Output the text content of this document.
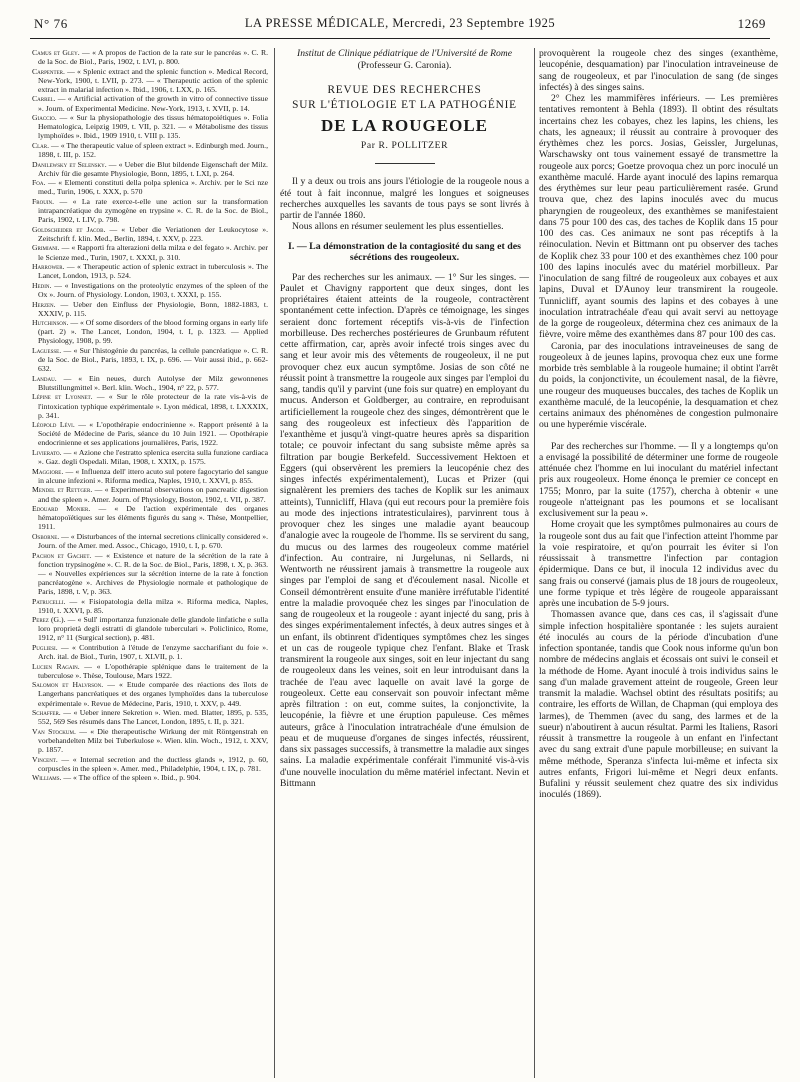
N° 76	LA PRESSE MÉDICALE, Mercredi, 23 Septembre 1925	1269

Camus et Gley. — « A propos de l'action de la rate sur le pancréas ». C. R. de la Soc. de Biol., Paris, 1902, t. LVI, p. 800.

Carpenter. — « Splenic extract and the splenic function ». Medical Record, New-York, 1900, t. LVII, p. 273. — « Therapeutic action of the splenic extract in malarial infection ». Ibid., 1906, t. LXX, p. 165.

Carrel. — « Artificial activation of the growth in vitro of connective tissue ». Journ. of Experimental Medicine. New-York, 1913, t. XVII, p. 14.

Giaccio. — « Sur la physiopathologie des tissus hématopoiétiques ». Folia Hematologica, Leipzig 1909, t. VII, p. 321. — « Métabolisme des tissus lymphoïdes ». Ibid., 1909 1910, t. VIII p. 135.

Clar. — « The therapeutic value of spleen extract ». Edinburgh med. Journ., 1898, t. III, p. 152.

Danilewsky et Selensky. — « Ueber die Blut bildende Eigenschaft der Milz. Archiv für die gesamte Physiologie, Bonn, 1895, t. LXI, p. 264.

Foa. — « Elementi constituti della polpa splenica ». Archiv. per le Sci nze med., Turin, 1906, t. XXX, p. 570

Frouin. — « La rate exerce-t-elle une action sur la transformation intrapancréatique du zymogène en trypsine ». C. R. de la Soc. de Biol., Paris, 1902, t. LIV, p. 798.

Goldscheider et Jacob. — « Ueber die Veriationen der Leukocytose ». Zeitschrift f. klin. Med., Berlin, 1894, t. XXV, p. 223.

Grimiani. — « Rapporti fra alterazioni della milza e del fegato ». Archiv. per le Scienze med., Turin, 1907, t. XXXI, p. 310.

Harrower. — « Therapeutic action of splenic extract in tuberculosis ». The Lancet, London, 1913, p. 524.

Hedin. — « Investigations on the proteolytic enzymes of the spleen of the Ox ». Journ. of Physiology. London, 1903, t. XXXI, p. 155.

Herzen. — Ueber den Einfluss der Physiologie, Bonn, 1882-1883, t. XXXIV, p. 115.

Hutchinson. — « Of some disorders of the blood forming organs in early life (part. 2) ». The Lancet, London, 1904, t. I, p. 1323. — Applied Physiology, 1908, p. 99.

Laguesse. — « Sur l'histogénie du pancréas, la cellule pancréatique ». C. R. de la Soc. de Biol., Paris, 1893, t. IX, p. 696. — Voir aussi ibid., p. 662-632.

Landau. — « Ein neues, durch Autolyse der Milz gewonnenes Blutstillungmittel ». Berl. klin. Woch., 1904, n° 22, p. 577.

Lépine et Lyonnet. — « Sur le rôle protecteur de la rate vis-à-vis de l'intoxication typhique expérimentale ». Lyon médical, 1898, t. LXXXIX, p. 341.

Léopold Lévi. — « L'opothérapie endocrinienne ». Rapport présenté à la Société de Médecine de Paris, séance du 10 Juin 1921. — Opothérapie endocrinienne et ses applications journalières, Paris, 1922.

Livierato. — « Azione che l'estratto splenica esercita sulla funzione cardiaca ». Gaz. degli Ospedali. Milan, 1908, t. XXIX, p. 1575.

Maggiore. — « Influenza dell' ittero acuto sul potere fagocytario del sangue in alcune infezioni ». Riforma medica, Naples, 1910, t. XXVI, p. 855.

Mendel et Rettger. — « Experimental observations on pancreatic digestion and the spleen ». Amer. Journ. of Physiology, Boston, 1902, t. VII, p. 387.

Edouard Monier. — « De l'action expérimentale des organes hématopoïétiques sur les éléments figurés du sang ». Thèse, Montpellier, 1911.

Osborne. — « Disturbances of the internal secretions clinically considered ». Journ. of the Amer. med. Assoc., Chicago, 1910, t. I, p. 670.

Pachon et Gachet. — « Existence et nature de la sécrétion de la rate à fonction trypsinogène ». C. R. de la Soc. de Biol., Paris, 1898, t. X, p. 363. — « Nouvelles expériences sur la sécrétion interne de la rate à fonction pancréatogène ». Archives de Physiologie normale et pathologique de Paris, 1898, t. V, p. 363.

Patrucelli. — « Fisiopatologia della milza ». Riforma medica, Naples, 1910, t. XXVI, p. 85.

Perez (G.). — « Sull' importanza funzionale delle glandole linfatiche e sulla loro proprietà degli estratti di glandole tuberculari ». Policlinico, Rome, 1912, n° 11 (Surgical section), p. 481.

Pugliesi. — « Contribution à l'étude de l'enzyme saccharifiant du foie ». Arch. ital. de Biol., Turin, 1907, t. XLVII, p. 1.

Lucien Ragain. — « L'opothérapie splénique dans le traitement de la tuberculose ». Thèse, Toulouse, Mars 1922.

Salomon et Halvrson. — « Etude comparée des réactions des îlots de Langerhans pancréatiques et des organes lymphoïdes dans la tuberculose expérimentale ». Revue de Médecine, Paris, 1910, t. XXV, p. 449.

Schaffer. — « Ueber innere Sekretion ». Wien. med. Blatter, 1895, p. 535, 552, 569 Ses résumés dans The Lancet, London, 1895, t. II, p. 321.

Van Stockum. — « Die therapeutische Wirkung der mit Röntgenstrah en vorbehandelten Milz bei Tuberkulose ». Wien. klin. Woch., 1912, t. XXV, p. 1857.

Vincent. — « Internal secretion and the ductless glands », 1912, p. 60, corpuscles in the spleen ». Amer. med., Philadelphie, 1904, t. IX, p. 781.

Williams. — « The office of the spleen ». Ibid., p. 904.

Institut de Clinique pédiatrique de l'Université de Rome
(Professeur G. Caronia).
REVUE DES RECHERCHES
SUR L'ÉTIOLOGIE ET LA PATHOGÉNIE
DE LA ROUGEOLE
Par R. POLLITZER

Il y a deux ou trois ans jours l'étiologie de la rougeole nous a été tout à fait inconnue, malgré les longues et soigneuses recherches auxquelles les savants de tous pays se sont livrés à partir de l'année 1860.

Nous allons en résumer seulement les plus essentielles.

I. — La démonstration de la contagiosité du sang et des sécrétions des rougeoleux.

Par des recherches sur les animaux. — 1° Sur les singes. — Paulet et Chavigny rapportent que deux singes, dont les propriétaires étaient atteints de la rougeole, contractèrent spontanément cette infection. D'après ce témoignage, les singes seraient donc fortement réceptifs vis-à-vis de l'infection morbilleuse. Des recherches postérieures de Grunbaum réfutent cette affirmation, car, après avoir infecté trois singes avec du sang et leur avoir mis des vêtements de rougeoleux, il ne put provoquer chez eux aucun symptôme. Josias de son côté ne réussit point à transmettre la rougeole aux singes par l'emploi du sang, tandis qu'il y parvint (une fois sur quatre) en employant du mucus. Anderson et Goldberger, au contraire, en reproduisant artificiellement la rougeole chez des singes, démontrèrent que le sang des rougeoleux est infectieux dès l'apparition de l'exanthème et jusqu'à vingt-quatre heures après sa disparition totale; ce pouvoir infectant du sang subsiste même après sa filtration par bougie Berkefeld. Successivement Hektoen et Eggers (qui observèrent les premiers la leucopénie chez des singes infectés expérimentalement), Lucas et Prizer (qui signalèrent les premiers des taches de Koplik sur les animaux atteints), Tunnicliff, Hlava (qui eut recours pour la première fois au mode des injections intratesticulaires), parvinrent tous à provoquer chez les singes une maladie ayant beaucoup d'analogie avec la rougeole de l'homme. Ils se servirent du sang, du mucus ou des larmes des rougeoleux comme matériel d'infection. Au contraire, ni Jurgelunas, ni Sellards, ni Wentworth ne réussirent jamais à transmettre la rougeole aux singes par l'emploi de sang et d'écoulement nasal. Nicolle et Conseil démontrèrent ensuite d'une manière irréfutable l'identité entre la maladie provoquée chez les singes par l'inoculation de sang de rougeoleux et la rougeole : ayant injecté du sang, pris à des singes expérimentalement infectés, à deux autres singes et à un enfant, ils obtinrent d'identiques symptômes chez les singes et un cas de rougeole typique chez l'enfant. Blake et Trask transmirent la rougeole aux singes, soit en leur injectant du sang de rougeoleux dans les veines, soit en leur introduisant dans la trachée de l'eau avec laquelle on avait lavé la gorge de rougeoleux. Cette eau conservait son pouvoir infectant même après filtration : on eut, comme suites, la conjonctivite, la leucopénie, la fièvre et une éruption papuleuse. Ces mêmes auteurs, grâce à l'inoculation intratrachéale d'une émulsion de peau et de muqueuse d'organes de singes infectés, réussirent, dans six passages successifs, à transmettre la maladie aux singes sains. La maladie expérimentale conférait l'immunité vis-à-vis d'une nouvelle inoculation du même matériel infectant. Nevin et Bittmann

provoquèrent la rougeole chez des singes (exanthème, leucopénie, desquamation) par l'inoculation intraveineuse de sang de rougeoleux, et par l'inoculation de sang (de singes infectés) à des singes sains.

2° Chez les mammifères inférieurs. — Les premières tentatives remontent à Behla (1893). Il obtint des résultats incertains chez les cobayes, chez les lapins, les chiens, les chats, les agneaux; il réussit au contraire à provoquer des érythèmes chez les porcs. Josias, Geissler, Jurgelunas, Warschawsky ont tous vainement essayé de transmettre la rougeole aux porcs; Goetze provoqua chez un porc inoculé un exanthème maculé. Harde ayant inoculé des lapins remarqua des érythèmes sur leur peau particulièrement rasée. Grund trouva que, chez des lapins inoculés avec du mucus pharyngien de rougeoleux, des exanthèmes se manifestaient dans 75 pour 100 des cas, des taches de Koplik dans 15 pour 100 des cas. Ces animaux ne sont pas réceptifs à la réinoculation. Nevin et Bittmann ont pu observer des taches de Koplik chez 33 pour 100 et des exanthèmes chez 100 pour 100 des lapins inoculés avec du matériel morbilleux. Par l'inoculation de sang filtré de rougeoleux aux cobayes et aux lapins, Duval et D'Aunoy leur transmirent la rougeole. Tunnicliff, ayant soumis des lapins et des cobayes à une inoculation intratrachéale d'eau qui avait servi au nettoyage de la gorge de rougeoleux, détermina chez ces animaux de la fièvre, voire même des exanthèmes dans 87 pour 100 des cas.

Caronia, par des inoculations intraveineuses de sang de rougeoleux à de jeunes lapins, provoqua chez eux une forme morbide très semblable à la rougeole humaine; il obtint l'arrêt du poids, la conjonctivite, un écoulement nasal, de la fièvre, une rougeur des muqueuses buccales, des taches de Koplik un exanthème maculé, de la leucopénie, la desquamation et chez certains animaux des phénomènes de congestion pulmonaire ou une hyperémie viscérale.

Par des recherches sur l'homme. — Il y a longtemps qu'on a envisagé la possibilité de déterminer une forme de rougeole atténuée chez l'homme en lui inoculant du matériel infectant pris aux rougeoleux. Home énonça le premier ce concept en 1755; Monro, par la suite (1757), chercha à obtenir « une rougeole n'atteignant pas les poumons et se localisant exclusivement sur la peau ».

Home croyait que les symptômes pulmonaires au cours de la rougeole sont dus au fait que l'infection atteint l'homme par la voie respiratoire, et qu'on pourrait les éviter si l'on réussissait à transmettre l'infection par contagion épidermique. Dans ce but, il inocula 12 individus avec du sang frais ou conservé (jamais plus de 18 jours de rougeoleux, une forme typique et très légère de rougeole apparaissant après une incubation de 5-9 jours.

Thomassen avance que, dans ces cas, il s'agissait d'une simple infection hospitalière spontanée : les sujets auraient été inoculés au cours de la période d'incubation d'une infection spontanée, tandis que Cook nous informe qu'un bon nombre de médecins anglais et écossais ont suivi le conseil et la méthode de Home. Ayant inoculé à trois individus sains le sang d'un malade gravement atteint de rougeole, Green leur transmit la maladie. Wachsel obtint des résultats positifs; au contraire, les efforts de Willan, de Chapman (qui employa des larmes), de Themmen (avec du sang, des larmes et de la sueur) n'aboutirent à aucun résultat. Parmi les Italiens, Rasori réussit à transmettre la rougeole à un enfant en l'infectant avec du sang extrait d'une papule morbilleuse; en suivant la même méthode, Speranza s'infecta lui-même et infecta six autres enfants, Frigori lui-même et Negri deux enfants. Bufalini y réussit seulement chez quatre des six individus inoculés (1869).
